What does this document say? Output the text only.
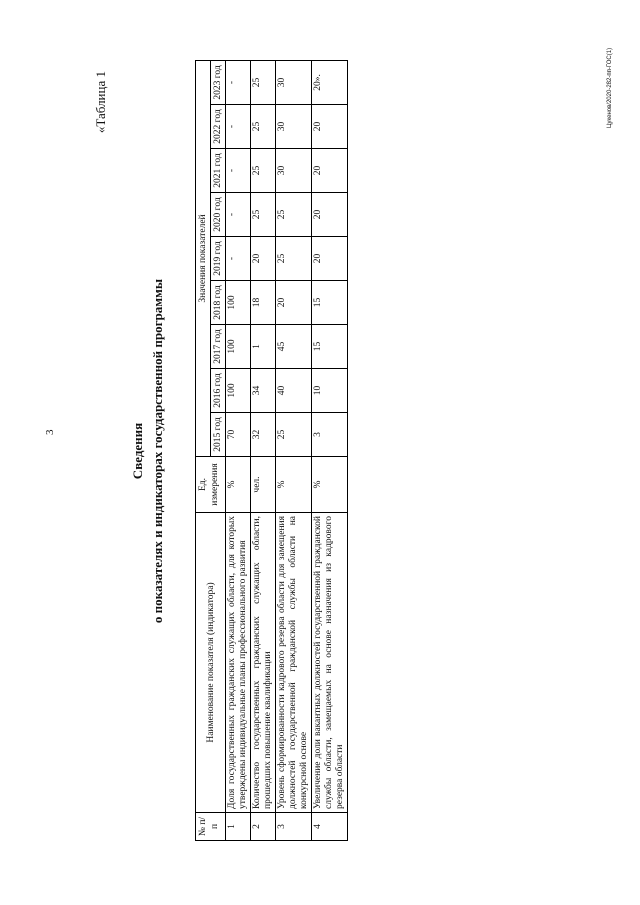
3
Цукенов/2020-282-пп-ГОС(1)
«Таблица 1
Сведения о показателях и индикаторах государственной программы
№ п/п	Наименование показателя (индикатора)	Ед. измерения	Значения показателей								
			2015 год	2016 год	2017 год	2018 год	2019 год	2020 год	2021 год	2022 год	2023 год
1	Доля государственных гражданских служащих области, для которых утверждены индивидуальные планы профессионального развития	%	70	100	100	100	-	-	-	-	-
2	Количество государственных гражданских служащих области, прошедших повышение квалификации	чел.	32	34	1	18	20	25	25	25	25
3	Уровень сформированности кадрового резерва области для замещения должностей государственной гражданской службы области на конкурсной основе	%	25	40	45	20	25	25	30	30	30
4	Увеличение доли вакантных должностей государственной гражданской службы области, замещаемых на основе назначения из кадрового резерва области	%	3	10	15	15	20	20	20	20	20».
